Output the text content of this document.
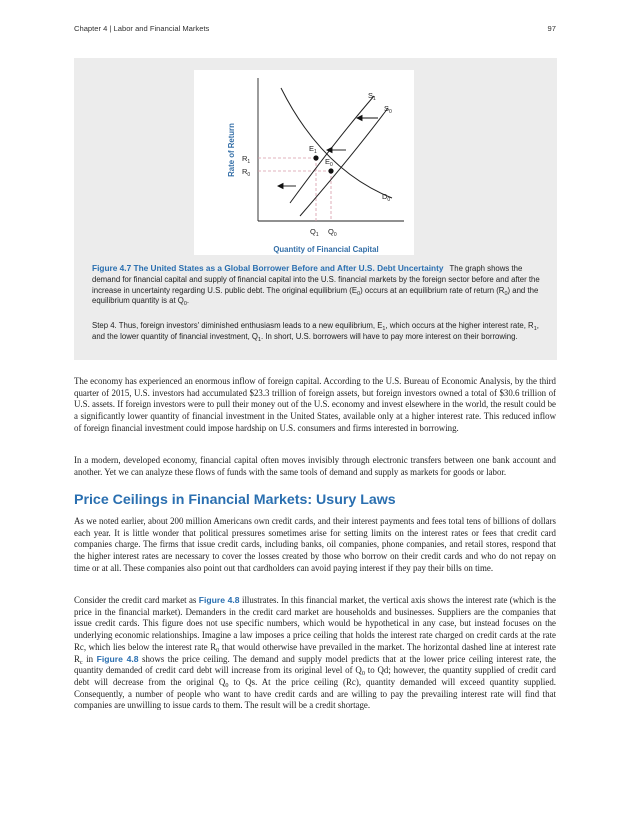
Chapter 4 | Labor and Financial Markets	97
$S_1$
$S_0$
$D_0$
$E_1$
$E_0$
$R_1$
$R_0$
$Q_1$ $Q_0$
Rate of Return
Quantity of Financial Capital
Figure 4.7 The United States as a Global Borrower Before and After U.S. Debt Uncertainty The graph shows the demand for financial capital and supply of financial capital into the U.S. financial markets by the foreign sector before and after the increase in uncertainty regarding U.S. public debt. The original equilibrium $(E_0)$ occurs at an equilibrium rate of return $(R_0)$ and the equilibrium quantity is at $Q_0$.
Step 4. Thus, foreign investors' diminished enthusiasm leads to a new equilibrium, $E_1$, which occurs at the higher interest rate, $R_1$, and the lower quantity of financial investment, $Q_1$. In short, U.S. borrowers will have to pay more interest on their borrowing.

The economy has experienced an enormous inflow of foreign capital. According to the U.S. Bureau of Economic Analysis, by the third quarter of 2015, U.S. investors had accumulated $23.3 trillion of foreign assets, but foreign investors owned a total of $30.6 trillion of U.S. assets. If foreign investors were to pull their money out of the U.S. economy and invest elsewhere in the world, the result could be a significantly lower quantity of financial investment in the United States, available only at a higher interest rate. This reduced inflow of foreign financial investment could impose hardship on U.S. consumers and firms interested in borrowing.

In a modern, developed economy, financial capital often moves invisibly through electronic transfers between one bank account and another. Yet we can analyze these flows of funds with the same tools of demand and supply as markets for goods or labor.

Price Ceilings in Financial Markets: Usury Laws

As we noted earlier, about 200 million Americans own credit cards, and their interest payments and fees total tens of billions of dollars each year. It is little wonder that political pressures sometimes arise for setting limits on the interest rates or fees that credit card companies charge. The firms that issue credit cards, including banks, oil companies, phone companies, and retail stores, respond that the higher interest rates are necessary to cover the losses created by those who borrow on their credit cards and who do not repay on time or at all. These companies also point out that cardholders can avoid paying interest if they pay their bills on time.

Consider the credit card market as Figure 4.8 illustrates. In this financial market, the vertical axis shows the interest rate (which is the price in the financial market). Demanders in the credit card market are households and businesses. Suppliers are the companies that issue credit cards. This figure does not use specific numbers, which would be hypothetical in any case, but instead focuses on the underlying economic relationships. Imagine a law imposes a price ceiling that holds the interest rate charged on credit cards at the rate Rc, which lies below the interest rate $R_0$ that would otherwise have prevailed in the market. The horizontal dashed line at interest rate $R_c$ in Figure 4.8 shows the price ceiling. The demand and supply model predicts that at the lower price ceiling interest rate, the quantity demanded of credit card debt will increase from its original level of $Q_0$ to Qd; however, the quantity supplied of credit card debt will decrease from the original $Q_0$ to Qs. At the price ceiling (Rc), quantity demanded will exceed quantity supplied. Consequently, a number of people who want to have credit cards and are willing to pay the prevailing interest rate will find that companies are unwilling to issue cards to them. The result will be a credit shortage.
